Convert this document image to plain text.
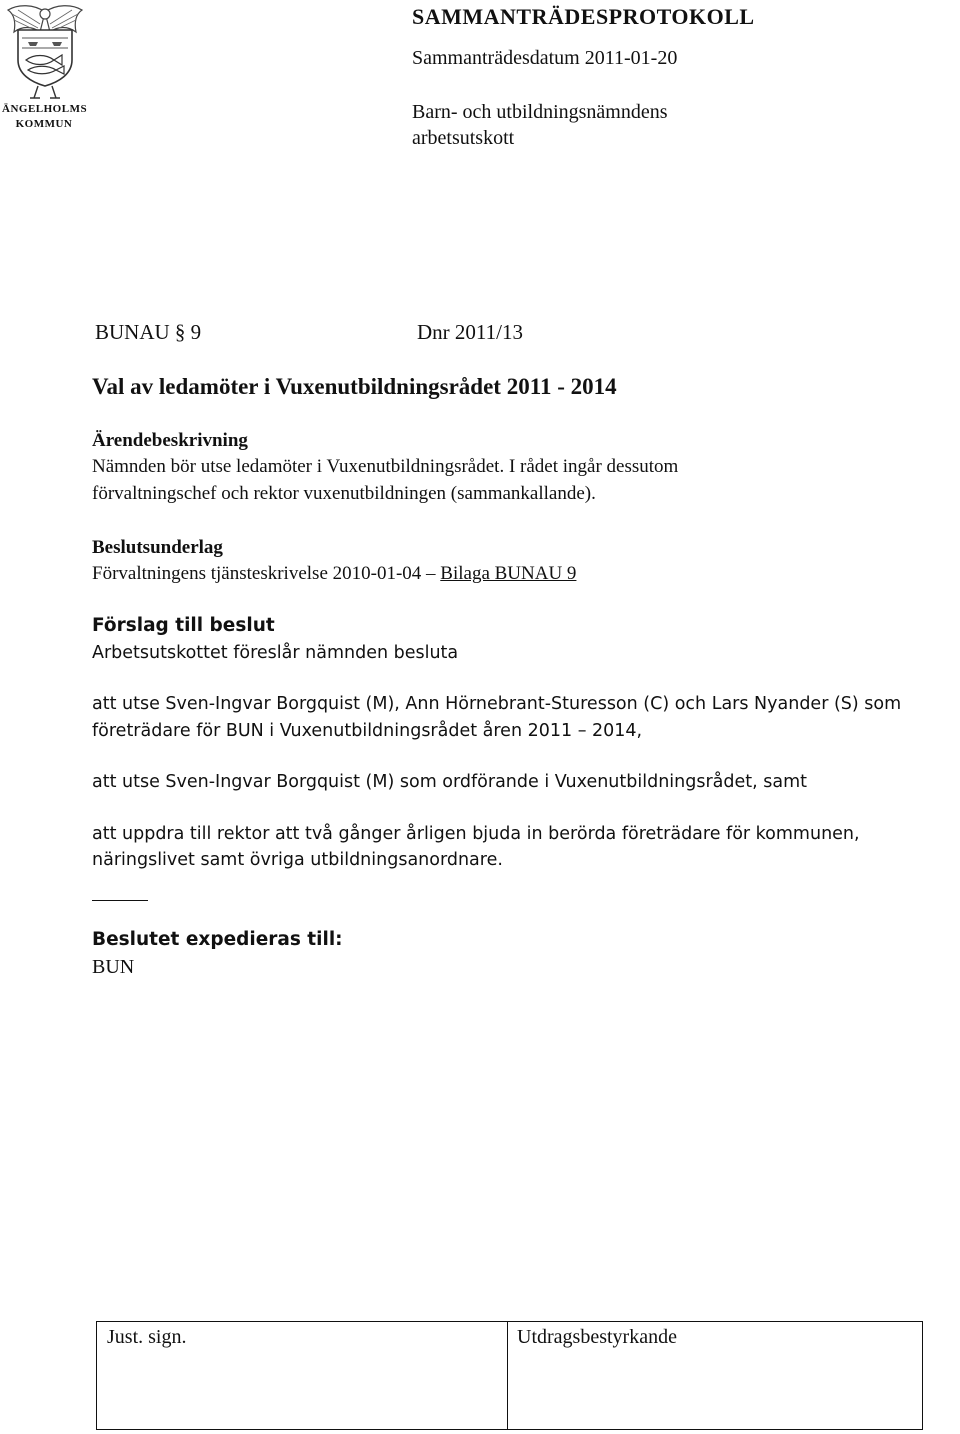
ÄNGELHOLMS
KOMMUN
SAMMANTRÄDESPROTOKOLL
Sammanträdesdatum 2011-01-20
Barn- och utbildningsnämndens
arbetsutskott
BUNAU § 9	Dnr 2011/13
Val av ledamöter i Vuxenutbildningsrådet 2011 - 2014
Ärendebeskrivning
Nämnden bör utse ledamöter i Vuxenutbildningsrådet. I rådet ingår dessutom
förvaltningschef och rektor vuxenutbildningen (sammankallande).
Beslutsunderlag
Förvaltningens tjänsteskrivelse 2010-01-04 – Bilaga BUNAU 9
Förslag till beslut
Arbetsutskottet föreslår nämnden besluta
att utse Sven-Ingvar Borgquist (M), Ann Hörnebrant-Sturesson (C) och Lars Nyander (S) som
företrädare för BUN i Vuxenutbildningsrådet åren 2011 – 2014,
att utse Sven-Ingvar Borgquist (M) som ordförande i Vuxenutbildningsrådet, samt
att uppdra till rektor att två gånger årligen bjuda in berörda företrädare för kommunen,
näringslivet samt övriga utbildningsanordnare.
Beslutet expedieras till:
BUN
Just. sign.	Utdragsbestyrkande
